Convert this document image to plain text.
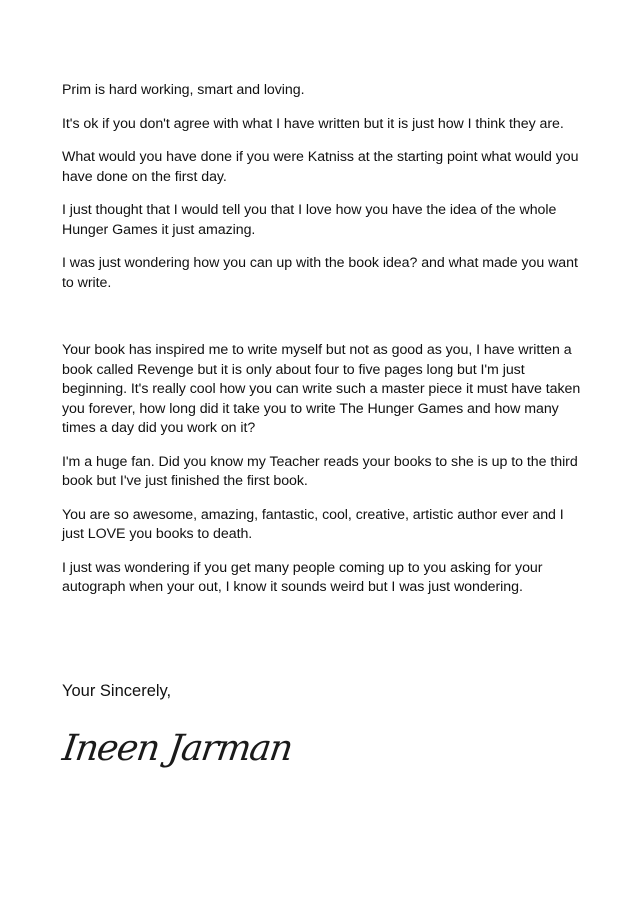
Prim is hard working, smart and loving.

It's ok if you don't agree with what I have written but it is just how I think they are.

What would you have done if you were Katniss at the starting point what would you have done on the first day.

I just thought that I would tell you that I love how you have the idea of the whole Hunger Games it just amazing.

I was just wondering how you can up with the book idea? and what made you want to write.

Your book has inspired me to write myself but not as good as you, I have written a book called Revenge but it is only about four to five pages long but I'm just beginning. It's really cool how you can write such a master piece it must have taken you forever, how long did it take you to write The Hunger Games and how many times a day did you work on it?

I'm a huge fan. Did you know my Teacher reads your books to she is up to the third book but I've just finished the first book.

You are so awesome, amazing, fantastic, cool, creative, artistic author ever and I just LOVE you books to death.

I just was wondering if you get many people coming up to you asking for your autograph when your out, I know it sounds weird but I was just wondering.

Your Sincerely,

Ineen Jarman
